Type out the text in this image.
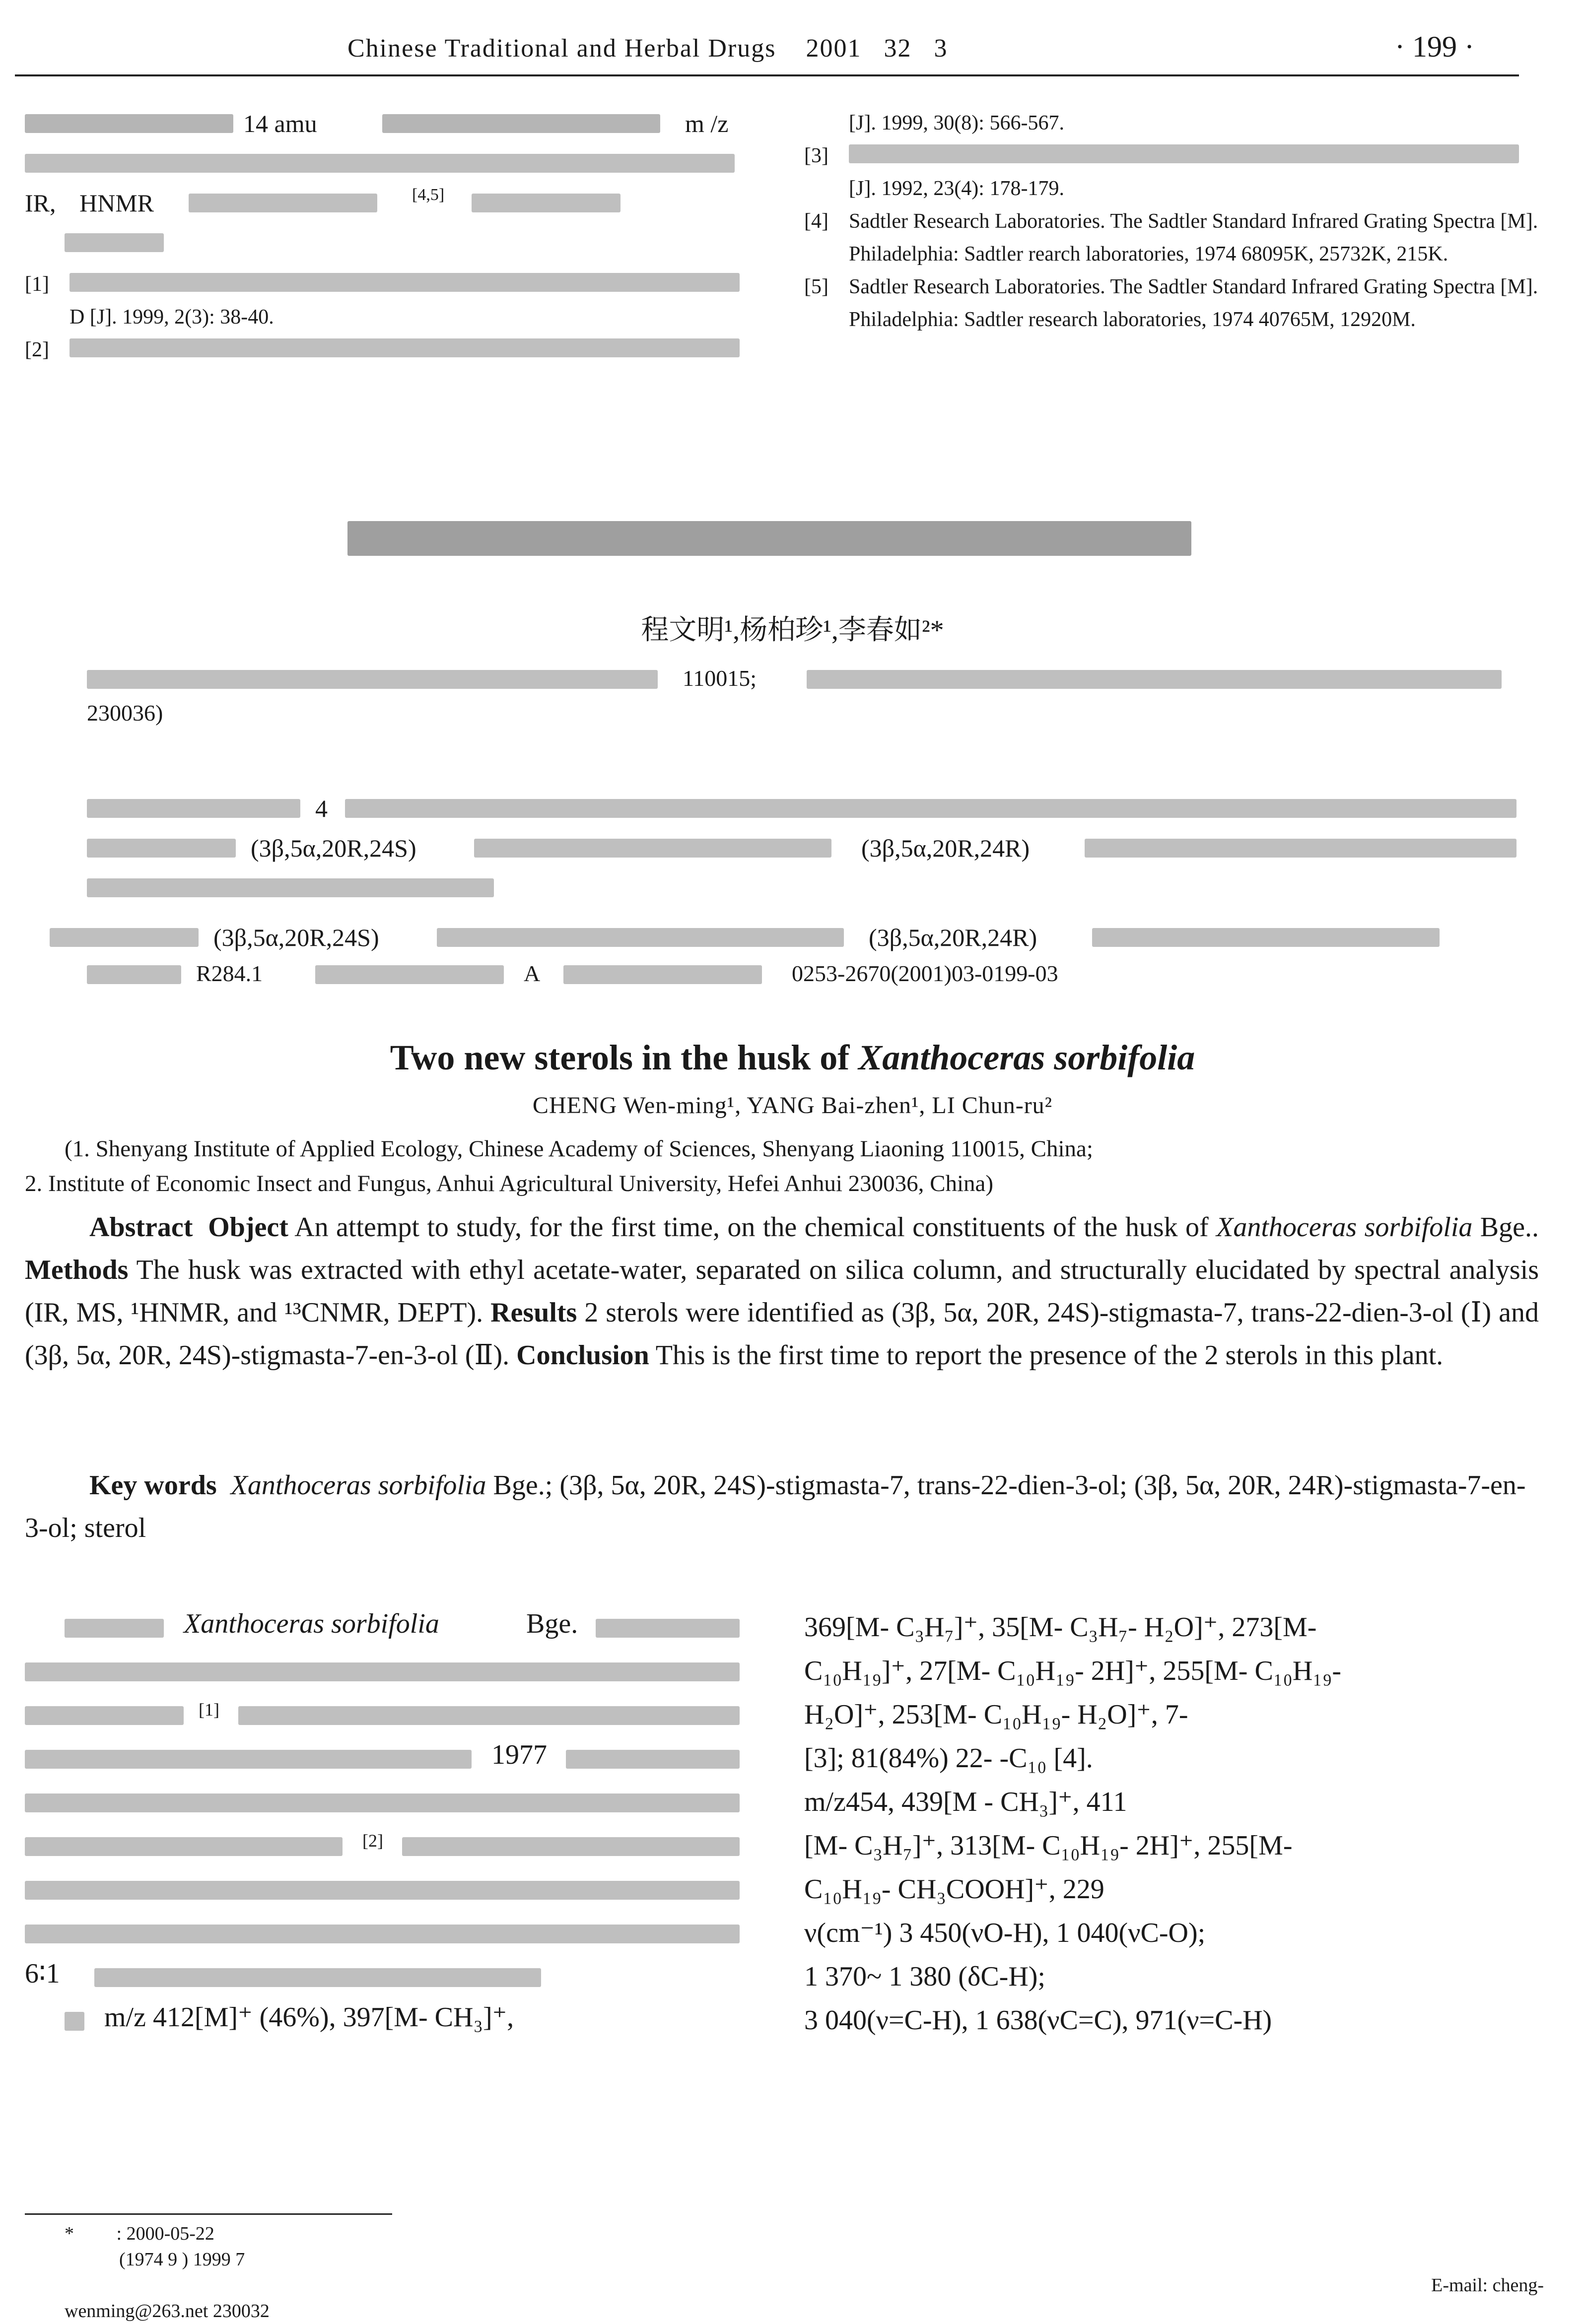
Chinese Traditional and Herbal Drugs 2001 32 3	· 199 ·
14 amu	m /z
IR, HNMR	[4,5]
[1]
D [J]. 1999, 2(3): 38-40.
[2]
[J]. 1999, 30(8): 566-567.
[3]
[J]. 1992, 23(4): 178-179.
[4] Sadtler Research Laboratories. The Sadtler Standard Infrared Grating Spectra [M]. Philadelphia: Sadtler rearch laboratories, 1974 68095K, 25732K, 215K.
[5] Sadtler Research Laboratories. The Sadtler Standard Infrared Grating Spectra [M]. Philadelphia: Sadtler research laboratories, 1974 40765M, 12920M.
程文明¹,杨柏珍¹,李春如²*
110015;
230036)
4
(3β,5α,20R,24S)	(3β,5α,20R,24R)
(3β,5α,20R,24S)	(3β,5α,20R,24R)
R284.1	A	0253-2670(2001)03-0199-03
Two new sterols in the husk of Xanthoceras sorbifolia
CHENG Wen-ming¹, YANG Bai-zhen¹, LI Chun-ru²
(1. Shenyang Institute of Applied Ecology, Chinese Academy of Sciences, Shenyang Liaoning 110015, China;
2. Institute of Economic Insect and Fungus, Anhui Agricultural University, Hefei Anhui 230036, China)
Abstract Object An attempt to study, for the first time, on the chemical constituents of the husk of Xanthoceras sorbifolia Bge.. Methods The husk was extracted with ethyl acetate-water, separated on silica column, and structurally elucidated by spectral analysis (IR, MS, ¹HNMR, and ¹³CNMR, DEPT). Results 2 sterols were identified as (3β, 5α, 20R, 24S)-stigmasta-7, trans-22-dien-3-ol (Ⅰ) and (3β, 5α, 20R, 24S)-stigmasta-7-en-3-ol (Ⅱ). Conclusion This is the first time to report the presence of the 2 sterols in this plant.
Key words Xanthoceras sorbifolia Bge.; (3β, 5α, 20R, 24S)-stigmasta-7, trans-22-dien-3-ol; (3β, 5α, 20R, 24R)-stigmasta-7-en-3-ol; sterol
Xanthoceras sorbifolia	Bge.
[1]
1977
[2]
6∶1
m/z 412[M]⁺ (46%), 397[M- CH₃]⁺,
369[M- C₃H₇]⁺, 35[M- C₃H₇- H₂O]⁺, 273[M-
C₁₀H₁₉]⁺, 27[M- C₁₀H₁₉- 2H]⁺, 255[M- C₁₀H₁₉-
H₂O]⁺, 253[M- C₁₀H₁₉- H₂O]⁺, 7-
[3]; 81(84%) 22- -C₁₀ [4].
m/z454, 439[M - CH₃]⁺, 411
[M- C₃H₇]⁺, 313[M- C₁₀H₁₉- 2H]⁺, 255[M-
C₁₀H₁₉- CH₃COOH]⁺, 229
ν(cm⁻¹) 3 450(νO-H), 1 040(νC-O);
1 370~ 1 380 (δC-H);
3 040(ν=C-H), 1 638(νC=C), 971(ν=C-H)
*         : 2000-05-22
(1974 9 ) 1999 7
E-mail: cheng-
wenming@263.net 230032
